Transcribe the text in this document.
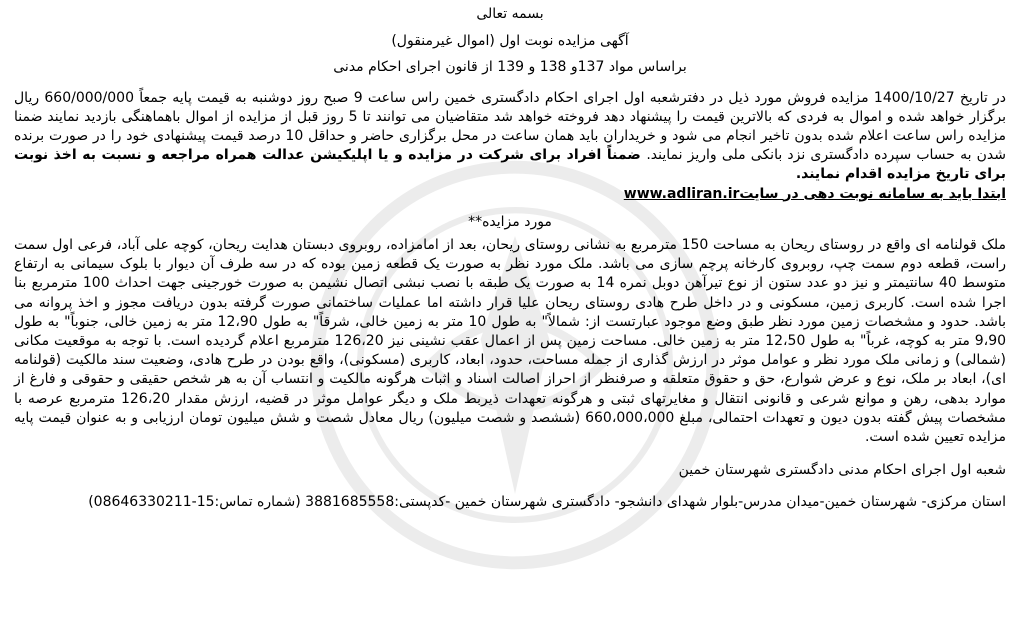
بسمه تعالی

آگهی مزایده نوبت اول (اموال غیرمنقول)

براساس مواد 137و 138 و 139 از قانون اجرای احکام مدنی

در تاریخ 1400/10/27 مزایده فروش مورد ذیل در دفترشعبه اول اجرای احکام دادگستری خمین راس ساعت 9 صبح روز دوشنبه به قیمت پایه جمعاً 660/000/000 ریال برگزار خواهد شده و اموال به فردی که بالاترین قیمت را پیشنهاد دهد فروخته خواهد شد متقاضیان می توانند تا 5 روز قبل از مزایده از اموال باهماهنگی بازدید نمایند ضمنا مزایده راس ساعت اعلام شده بدون تاخیر انجام می شود و خریداران باید همان ساعت در محل برگزاری حاضر و حداقل 10 درصد قیمت پیشنهادی خود را در صورت برنده شدن به حساب سپرده دادگستری نزد بانکی ملی واریز نمایند. ضمناً افراد برای شرکت در مزایده و یا اپلیکیشن عدالت همراه مراجعه و نسبت به اخذ نوبت برای تاریخ مزایده اقدام نمایند.
ابتدا باید به سامانه نوبت دهی در سایتwww.adliran.ir

مورد مزایده**

ملک قولنامه ای واقع در روستای ریحان به مساحت 150 مترمربع به نشانی روستای ریحان، بعد از امامزاده، روبروی دبستان هدایت ریحان، کوچه علی آباد، فرعی اول سمت راست، قطعه دوم سمت چپ، روبروی کارخانه پرچم سازی می باشد. ملک مورد نظر به صورت یک قطعه زمین بوده که در سه طرف آن دیوار با بلوک سیمانی به ارتفاع متوسط 40 سانتیمتر و نیز دو عدد ستون از نوع تیرآهن دوبل نمره 14 به صورت یک طبقه با نصب نبشی اتصال نشیمن به صورت خورجینی جهت احداث 100 مترمربع بنا اجرا شده است. کاربری زمین، مسکونی و در داخل طرح هادی روستای ریحان علیا قرار داشته اما عملیات ساختمانی صورت گرفته بدون دریافت مجوز و اخذ پروانه می باشد. حدود و مشخصات زمین مورد نظر طبق وضع موجود عبارتست از: شمالاً" به طول 10 متر به زمین خالی، شرقاً" به طول 12،90 متر به زمین خالی، جنوباً" به طول 9،90 متر به کوچه، غرباً" به طول 12،50 متر به زمین خالی. مساحت زمین پس از اعمال عقب نشینی نیز 126،20 مترمربع اعلام گردیده است. با توجه به موقعیت مکانی (شمالی) و زمانی ملک مورد نظر و عوامل موثر در ارزش گذاری از جمله مساحت، حدود، ابعاد، کاربری (مسکونی)، واقع بودن در طرح هادی، وضعیت سند مالکیت (قولنامه ای)، ابعاد بر ملک، نوع و عرض شوارع، حق و حقوق متعلقه و صرفنظر از احراز اصالت اسناد و اثبات هرگونه مالکیت و انتساب آن به هر شخص حقیقی و حقوقی و فارغ از موارد بدهی، رهن و موانع شرعی و قانونی انتقال و مغایرتهای ثبتی و هرگونه تعهدات ذیربط ملک و دیگر عوامل موثر در قضیه، ارزش مقدار 126،20 مترمربع عرصه با مشخصات پیش گفته بدون دیون و تعهدات احتمالی، مبلغ 660،000،000 (ششصد و شصت میلیون) ریال معادل شصت و شش میلیون تومان ارزیابی و به عنوان قیمت پایه مزایده تعیین شده است.

شعبه اول اجرای احکام مدنی دادگستری شهرستان خمین

استان مرکزی- شهرستان خمین-میدان مدرس-بلوار شهدای دانشجو- دادگستری شهرستان خمین -کدپستی:3881685558 (شماره تماس:15-08646330211)
